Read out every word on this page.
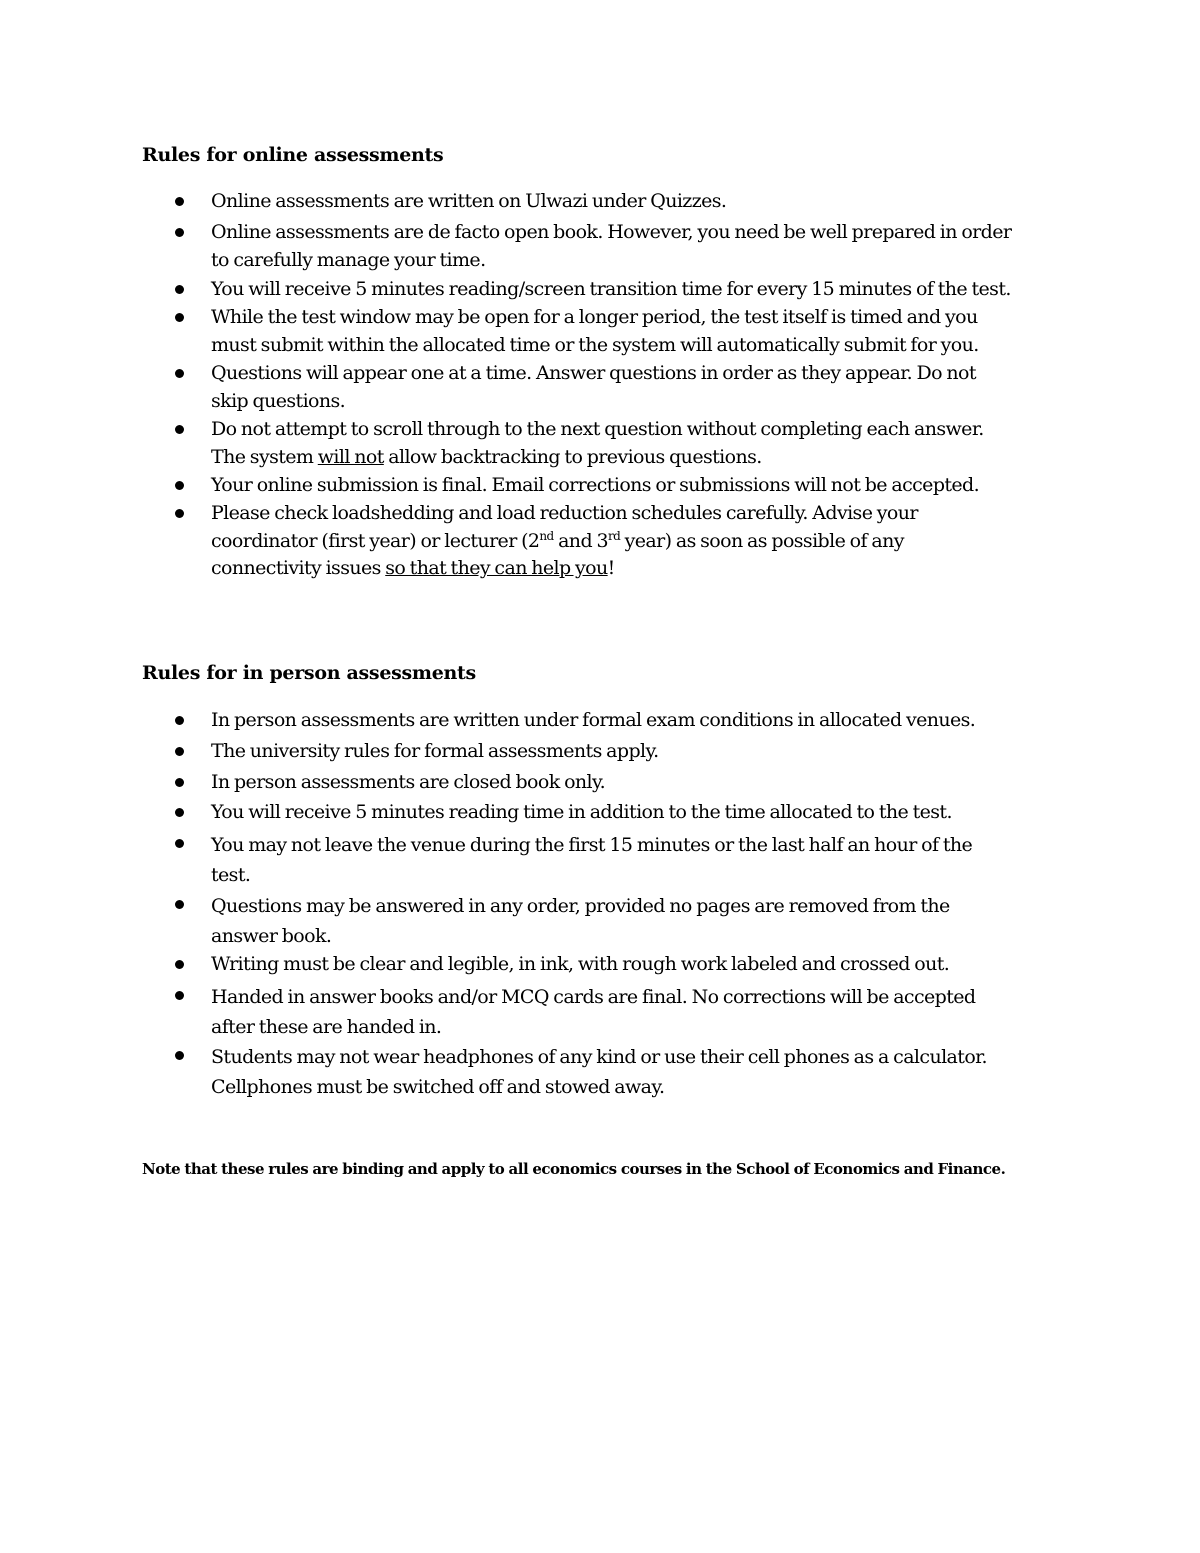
Rules for online assessments
Online assessments are written on Ulwazi under Quizzes.
Online assessments are de facto open book. However, you need be well prepared in order
to carefully manage your time.
You will receive 5 minutes reading/screen transition time for every 15 minutes of the test.
While the test window may be open for a longer period, the test itself is timed and you
must submit within the allocated time or the system will automatically submit for you.
Questions will appear one at a time. Answer questions in order as they appear. Do not
skip questions.
Do not attempt to scroll through to the next question without completing each answer.
The system will not allow backtracking to previous questions.
Your online submission is final. Email corrections or submissions will not be accepted.
Please check loadshedding and load reduction schedules carefully. Advise your
coordinator (first year) or lecturer (2nd and 3rd year) as soon as possible of any
connectivity issues so that they can help you!
Rules for in person assessments
In person assessments are written under formal exam conditions in allocated venues.
The university rules for formal assessments apply.
In person assessments are closed book only.
You will receive 5 minutes reading time in addition to the time allocated to the test.
You may not leave the venue during the first 15 minutes or the last half an hour of the
test.
Questions may be answered in any order, provided no pages are removed from the
answer book.
Writing must be clear and legible, in ink, with rough work labeled and crossed out.
Handed in answer books and/or MCQ cards are final. No corrections will be accepted
after these are handed in.
Students may not wear headphones of any kind or use their cell phones as a calculator.
Cellphones must be switched off and stowed away.
Note that these rules are binding and apply to all economics courses in the School of Economics and Finance.
